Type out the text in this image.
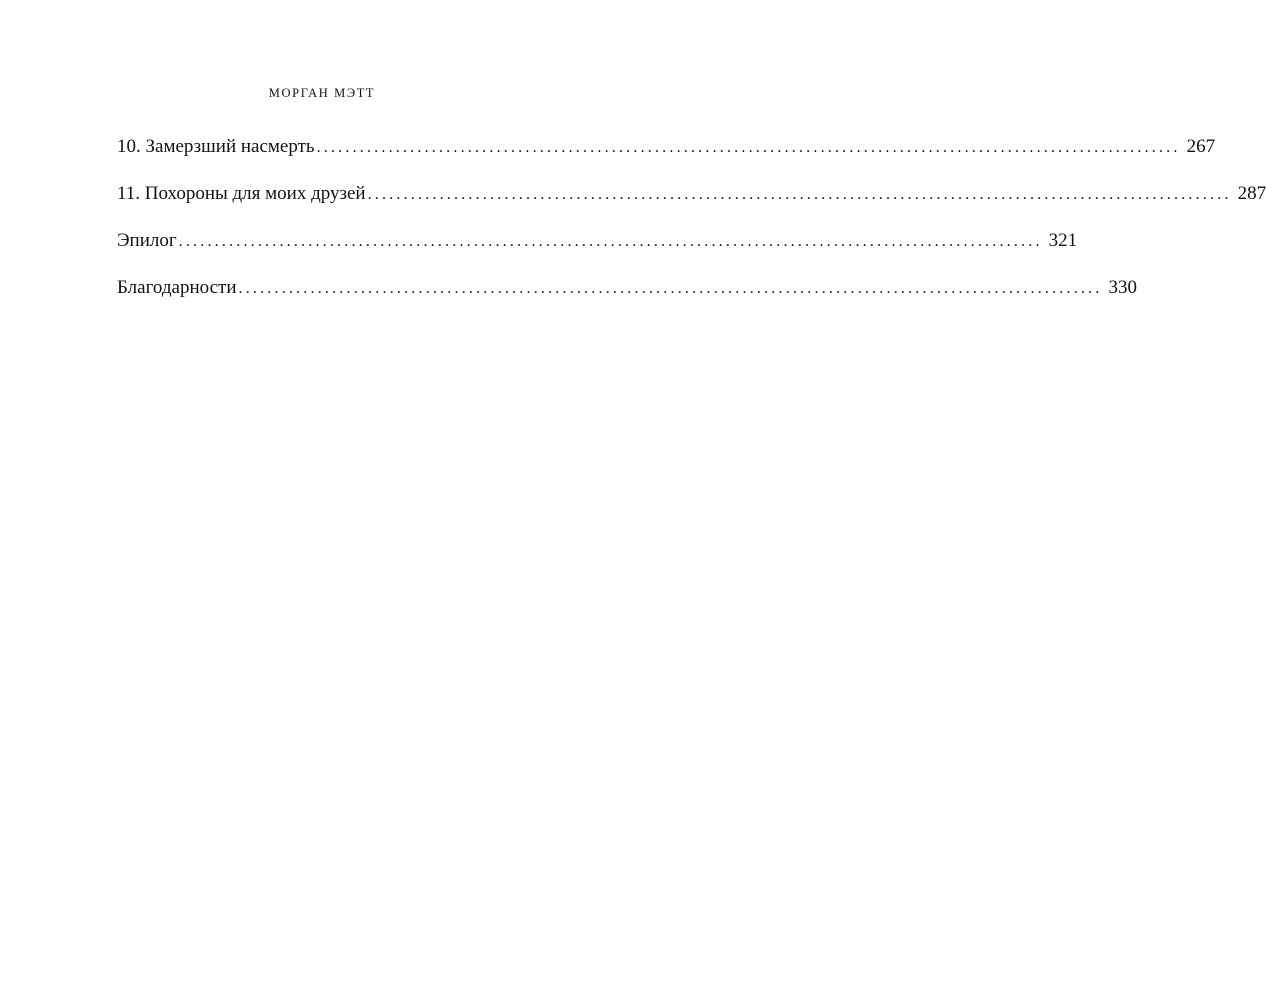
МОРГАН МЭТТ
10. Замерзший насмерть ........................................................................................................................ 267
11. Похороны для моих друзей ........................................................................................................................ 287
Эпилог ........................................................................................................................ 321
Благодарности ........................................................................................................................ 330
